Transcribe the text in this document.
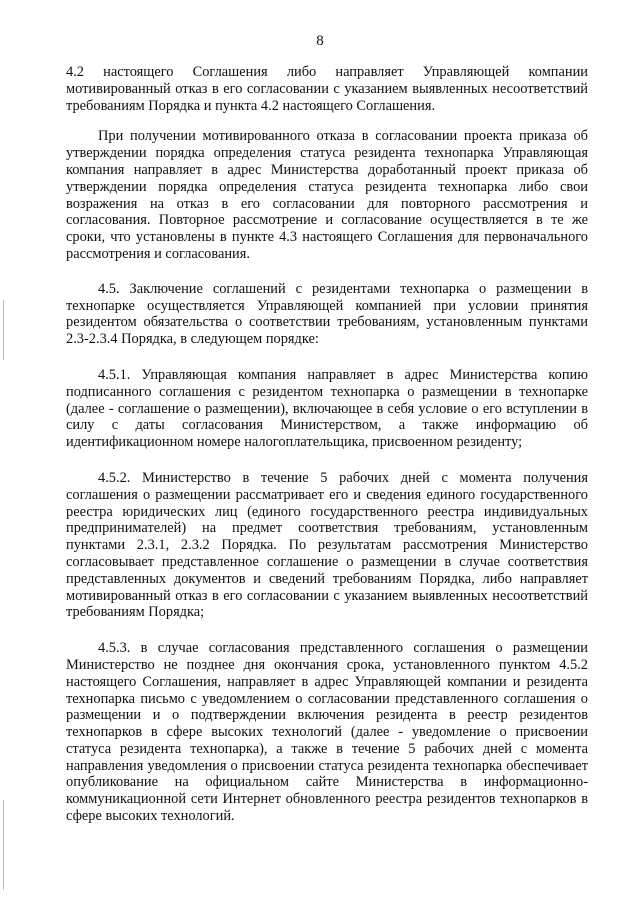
8

4.2 настоящего Соглашения либо направляет Управляющей компании мотивированный отказ в его согласовании с указанием выявленных несоответствий требованиям Порядка и пункта 4.2 настоящего Соглашения.

При получении мотивированного отказа в согласовании проекта приказа об утверждении порядка определения статуса резидента технопарка Управляющая компания направляет в адрес Министерства доработанный проект приказа об утверждении порядка определения статуса резидента технопарка либо свои возражения на отказ в его согласовании для повторного рассмотрения и согласования. Повторное рассмотрение и согласование осуществляется в те же сроки, что установлены в пункте 4.3 настоящего Соглашения для первоначального рассмотрения и согласования.

4.5. Заключение соглашений с резидентами технопарка о размещении в технопарке осуществляется Управляющей компанией при условии принятия резидентом обязательства о соответствии требованиям, установленным пунктами 2.3-2.3.4 Порядка, в следующем порядке:

4.5.1. Управляющая компания направляет в адрес Министерства копию подписанного соглашения с резидентом технопарка о размещении в технопарке (далее - соглашение о размещении), включающее в себя условие о его вступлении в силу с даты согласования Министерством, а также информацию об идентификационном номере налогоплательщика, присвоенном резиденту;

4.5.2. Министерство в течение 5 рабочих дней с момента получения соглашения о размещении рассматривает его и сведения единого государственного реестра юридических лиц (единого государственного реестра индивидуальных предпринимателей) на предмет соответствия требованиям, установленным пунктами 2.3.1, 2.3.2 Порядка. По результатам рассмотрения Министерство согласовывает представленное соглашение о размещении в случае соответствия представленных документов и сведений требованиям Порядка, либо направляет мотивированный отказ в его согласовании с указанием выявленных несоответствий требованиям Порядка;

4.5.3. в случае согласования представленного соглашения о размещении Министерство не позднее дня окончания срока, установленного пунктом 4.5.2 настоящего Соглашения, направляет в адрес Управляющей компании и резидента технопарка письмо с уведомлением о согласовании представленного соглашения о размещении и о подтверждении включения резидента в реестр резидентов технопарков в сфере высоких технологий (далее - уведомление о присвоении статуса резидента технопарка), а также в течение 5 рабочих дней с момента направления уведомления о присвоении статуса резидента технопарка обеспечивает опубликование на официальном сайте Министерства в информационно-коммуникационной сети Интернет обновленного реестра резидентов технопарков в сфере высоких технологий.
